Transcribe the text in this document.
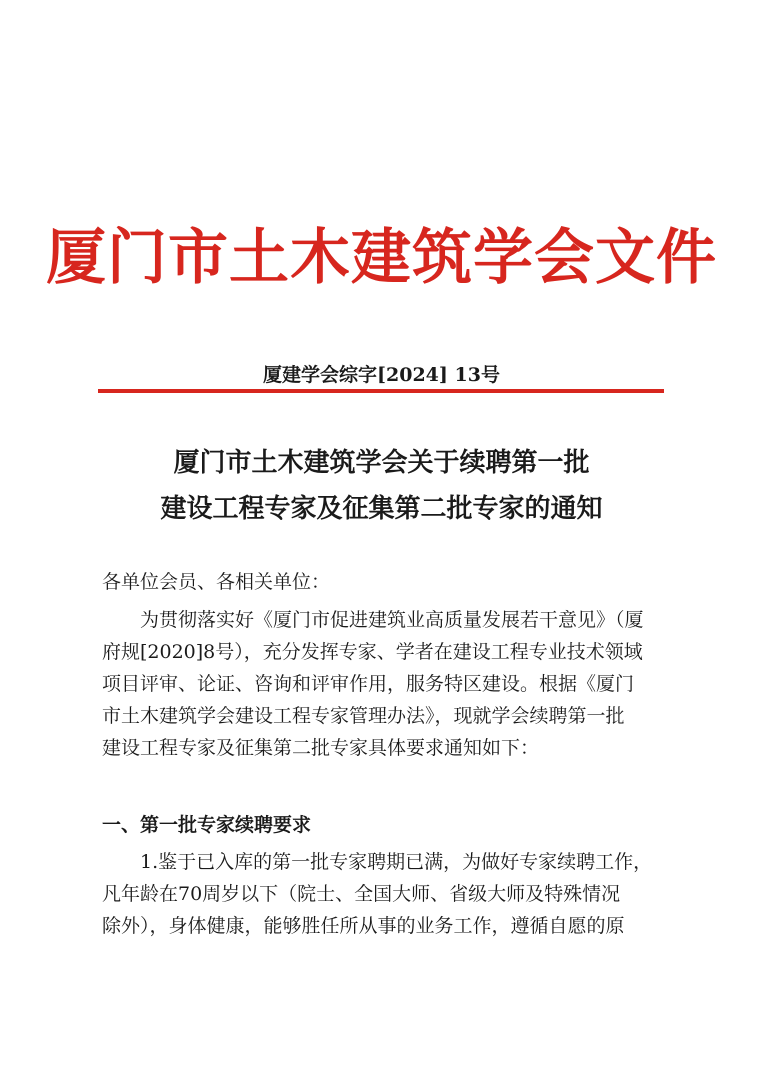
厦门市土木建筑学会文件
厦建学会综字[2024] 13号
厦门市土木建筑学会关于续聘第一批
建设工程专家及征集第二批专家的通知
各单位会员、各相关单位：
为贯彻落实好《厦门市促进建筑业高质量发展若干意见》（厦
府规[2020]8号），充分发挥专家、学者在建设工程专业技术领域
项目评审、论证、咨询和评审作用，服务特区建设。根据《厦门
市土木建筑学会建设工程专家管理办法》，现就学会续聘第一批
建设工程专家及征集第二批专家具体要求通知如下：
一、第一批专家续聘要求
1.鉴于已入库的第一批专家聘期已满，为做好专家续聘工作，
凡年龄在70周岁以下（院士、全国大师、省级大师及特殊情况
除外），身体健康，能够胜任所从事的业务工作，遵循自愿的原
